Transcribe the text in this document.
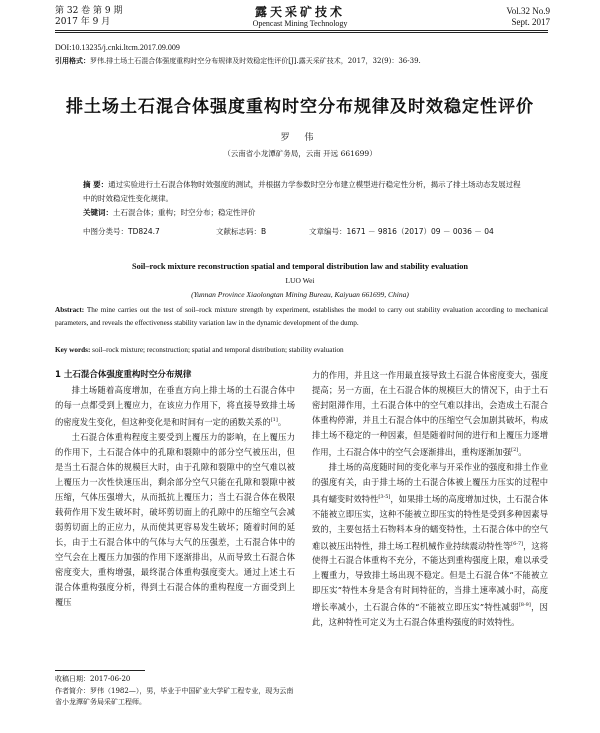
第 32 卷 第 9 期
2017 年 9 月
露天采矿技术
Opencast Mining Technology
Vol.32 No.9
Sept. 2017
DOI:10.13235/j.cnki.ltcm.2017.09.009
引用格式：罗伟.排土场土石混合体强度重构时空分布规律及时效稳定性评价[J].露天采矿技术，2017，32(9)：36-39.
排土场土石混合体强度重构时空分布规律及时效稳定性评价
罗 伟
（云南省小龙潭矿务局，云南 开远 661699）
摘 要：通过实验进行土石混合体物时效强度的测试，并根据力学参数时空分布建立模型进行稳定性分析，揭示了排土场动态发展过程中的时效稳定性变化规律。
关键词：土石混合体；重构；时空分布；稳定性评价
中图分类号：TD824.7	文献标志码：B	文章编号：1671 － 9816（2017）09 － 0036 － 04
Soil–rock mixture reconstruction spatial and temporal distribution law and stability evaluation
LUO Wei
(Yunnan Province Xiaolongtan Mining Bureau, Kaiyuan 661699, China)
Abstract: The mine carries out the test of soil–rock mixture strength by experiment, establishes the model to carry out stability evaluation according to mechanical parameters, and reveals the effectiveness stability variation law in the dynamic development of the dump.
Key words: soil–rock mixture; reconstruction; spatial and temporal distribution; stability evaluation

1 土石混合体强度重构时空分布规律

排土场随着高度增加，在垂直方向上排土场的土石混合体中的每一点都受到上覆应力，在该应力作用下，将直接导致排土场的密度发生变化，但这种变化是和时间有一定的函数关系的[1]。

土石混合体重构程度主要受到上覆压力的影响，在上覆压力的作用下，土石混合体中的孔隙和裂隙中的部分空气被压出，但是当土石混合体的规模巨大时，由于孔隙和裂隙中的空气难以被上覆压力一次性快速压出，剩余部分空气只能在孔隙和裂隙中被压缩，气体压强增大，从而抵抗上覆压力；当土石混合体在极限载荷作用下发生破坏时，破坏剪切面上的孔隙中的压缩空气会减弱剪切面上的正应力，从而使其更容易发生破坏；随着时间的延长，由于土石混合体中的气体与大气的压强差，土石混合体中的空气会在上覆压力加强的作用下逐渐排出，从而导致土石混合体密度变大，重构增强，最终混合体重构强度变大。通过上述土石混合体重构强度分析，得到土石混合体的重构程度一方面受到上覆压

力的作用，并且这一作用最直接导致土石混合体密度变大，强度提高；另一方面，在土石混合体的规模巨大的情况下，由于土石密封阻滞作用，土石混合体中的空气难以排出，会造成土石混合体重构停滞，并且土石混合体中的压缩空气会加剧其破坏，构成排土场不稳定的一种因素，但是随着时间的进行和上覆压力逐增作用，土石混合体中的空气会逐渐排出，重构逐渐加强[2]。

排土场的高度随时间的变化率与开采作业的强度和排土作业的强度有关，由于排土场的土石混合体被上覆压力压实的过程中具有蠕变时效特性[3-5]，如果排土场的高度增加过快，土石混合体不能被立即压实，这种不能被立即压实的特性是受到多种因素导致的，主要包括土石物料本身的蠕变特性，土石混合体中的空气难以被压出特性，排土场工程机械作业持续震动特性等[6-7]，这将使得土石混合体重构不充分，不能达到重构强度上限，难以承受上覆重力，导致排土场出现不稳定。但是土石混合体“不能被立即压实”特性本身是含有时间特征的，当排土速率减小时，高度增长率减小，土石混合体的“不能被立即压实”特性减弱[8-9]，因此，这种特性可定义为土石混合体重构强度的时效特性。

收稿日期：2017-06-20
作者简介：罗伟（1982—），男，毕业于中国矿业大学矿工程专业，现为云南省小龙潭矿务局采矿工程师。
